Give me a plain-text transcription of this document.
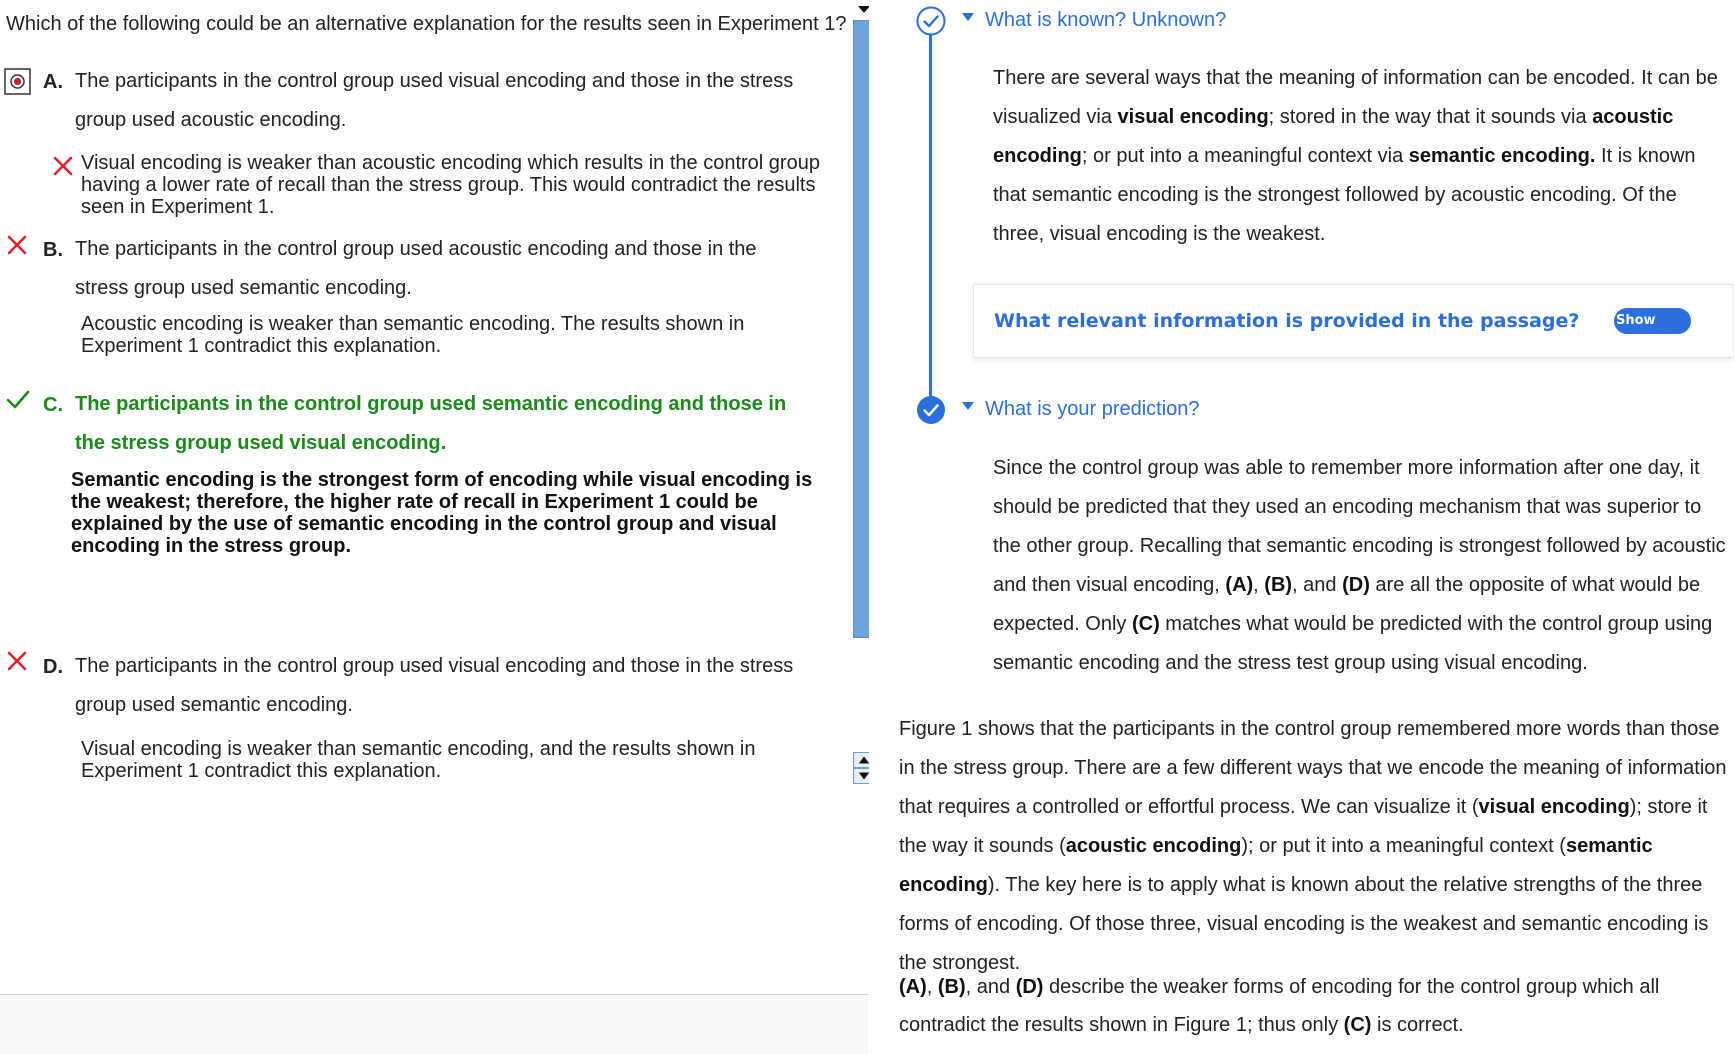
Which of the following could be an alternative explanation for the results seen in Experiment 1?
A. The participants in the control group used visual encoding and those in the stress group used acoustic encoding.
Visual encoding is weaker than acoustic encoding which results in the control group having a lower rate of recall than the stress group. This would contradict the results seen in Experiment 1.
B. The participants in the control group used acoustic encoding and those in the stress group used semantic encoding.
Acoustic encoding is weaker than semantic encoding. The results shown in Experiment 1 contradict this explanation.
C. The participants in the control group used semantic encoding and those in the stress group used visual encoding.
Semantic encoding is the strongest form of encoding while visual encoding is the weakest; therefore, the higher rate of recall in Experiment 1 could be explained by the use of semantic encoding in the control group and visual encoding in the stress group.
D. The participants in the control group used visual encoding and those in the stress group used semantic encoding.
Visual encoding is weaker than semantic encoding, and the results shown in Experiment 1 contradict this explanation.
What is known? Unknown?
There are several ways that the meaning of information can be encoded. It can be visualized via visual encoding; stored in the way that it sounds via acoustic encoding; or put into a meaningful context via semantic encoding. It is known that semantic encoding is the strongest followed by acoustic encoding. Of the three, visual encoding is the weakest.
What relevant information is provided in the passage?	Show
What is your prediction?
Since the control group was able to remember more information after one day, it should be predicted that they used an encoding mechanism that was superior to the other group. Recalling that semantic encoding is strongest followed by acoustic and then visual encoding, (A), (B), and (D) are all the opposite of what would be expected. Only (C) matches what would be predicted with the control group using semantic encoding and the stress test group using visual encoding.
Figure 1 shows that the participants in the control group remembered more words than those in the stress group. There are a few different ways that we encode the meaning of information that requires a controlled or effortful process. We can visualize it (visual encoding); store it the way it sounds (acoustic encoding); or put it into a meaningful context (semantic encoding). The key here is to apply what is known about the relative strengths of the three forms of encoding. Of those three, visual encoding is the weakest and semantic encoding is the strongest.
(A), (B), and (D) describe the weaker forms of encoding for the control group which all contradict the results shown in Figure 1; thus only (C) is correct.
